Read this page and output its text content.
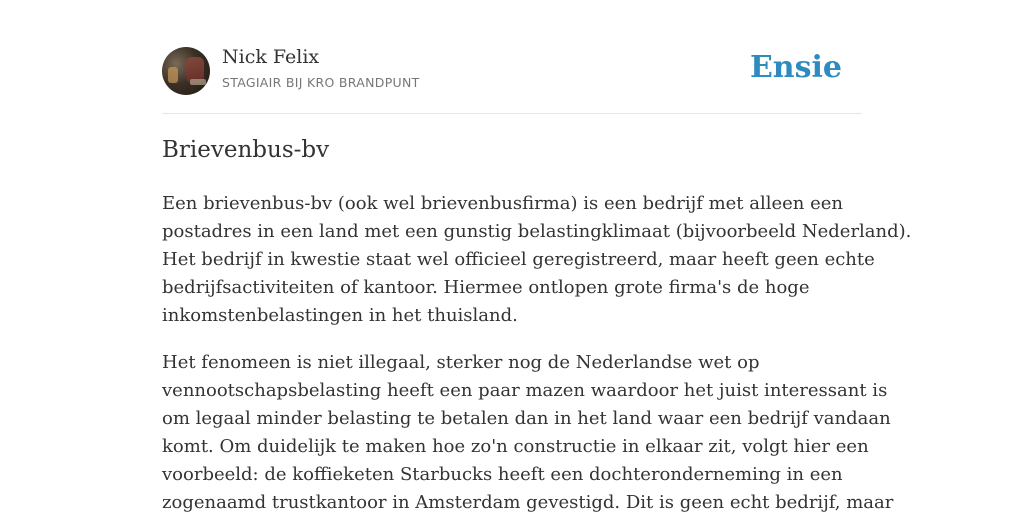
Nick Felix
STAGIAIR BIJ KRO BRANDPUNT	Ensie
Brievenbus-bv

Een brievenbus-bv (ook wel brievenbusfirma) is een bedrijf met alleen een
postadres in een land met een gunstig belastingklimaat (bijvoorbeeld Nederland).
Het bedrijf in kwestie staat wel officieel geregistreerd, maar heeft geen echte
bedrijfsactiviteiten of kantoor. Hiermee ontlopen grote firma's de hoge
inkomstenbelastingen in het thuisland.

Het fenomeen is niet illegaal, sterker nog de Nederlandse wet op
vennootschapsbelasting heeft een paar mazen waardoor het juist interessant is
om legaal minder belasting te betalen dan in het land waar een bedrijf vandaan
komt. Om duidelijk te maken hoe zo'n constructie in elkaar zit, volgt hier een
voorbeeld: de koffieketen Starbucks heeft een dochteronderneming in een
zogenaamd trustkantoor in Amsterdam gevestigd. Dit is geen echt bedrijf, maar
